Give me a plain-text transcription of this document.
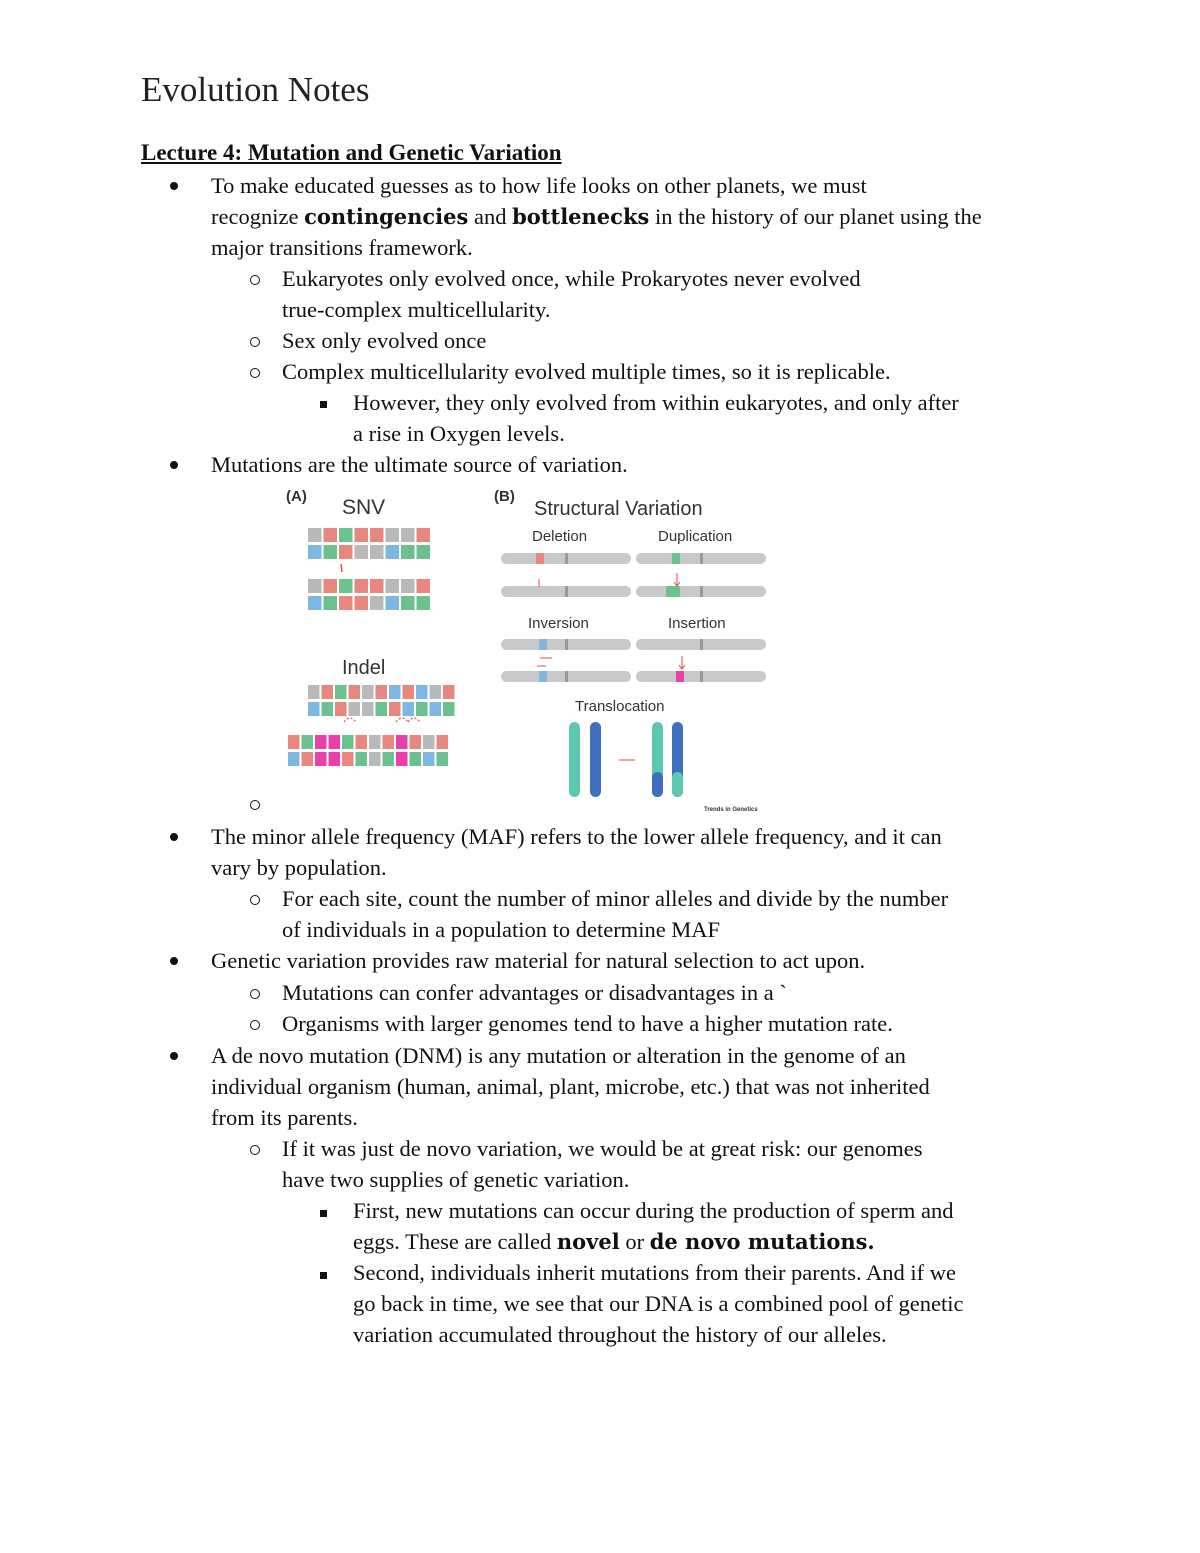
Evolution Notes
Lecture 4: Mutation and Genetic Variation
To make educated guesses as to how life looks on other planets, we must
recognize contingencies and bottlenecks in the history of our planet using the
major transitions framework.
Eukaryotes only evolved once, while Prokaryotes never evolved
true-complex multicellularity.
Sex only evolved once
Complex multicellularity evolved multiple times, so it is replicable.
However, they only evolved from within eukaryotes, and only after
a rise in Oxygen levels.
Mutations are the ultimate source of variation.
(A) SNV	(B)
Structural Variation
Indel
Deletion	Duplication
Inversion	Insertion
Translocation
Trends in Genetics
The minor allele frequency (MAF) refers to the lower allele frequency, and it can
vary by population.
For each site, count the number of minor alleles and divide by the number
of individuals in a population to determine MAF
Genetic variation provides raw material for natural selection to act upon.
Mutations can confer advantages or disadvantages in a `
Organisms with larger genomes tend to have a higher mutation rate.
A de novo mutation (DNM) is any mutation or alteration in the genome of an
individual organism (human, animal, plant, microbe, etc.) that was not inherited
from its parents.
If it was just de novo variation, we would be at great risk: our genomes
have two supplies of genetic variation.
First, new mutations can occur during the production of sperm and
eggs. These are called novel or de novo mutations.
Second, individuals inherit mutations from their parents. And if we
go back in time, we see that our DNA is a combined pool of genetic
variation accumulated throughout the history of our alleles.
